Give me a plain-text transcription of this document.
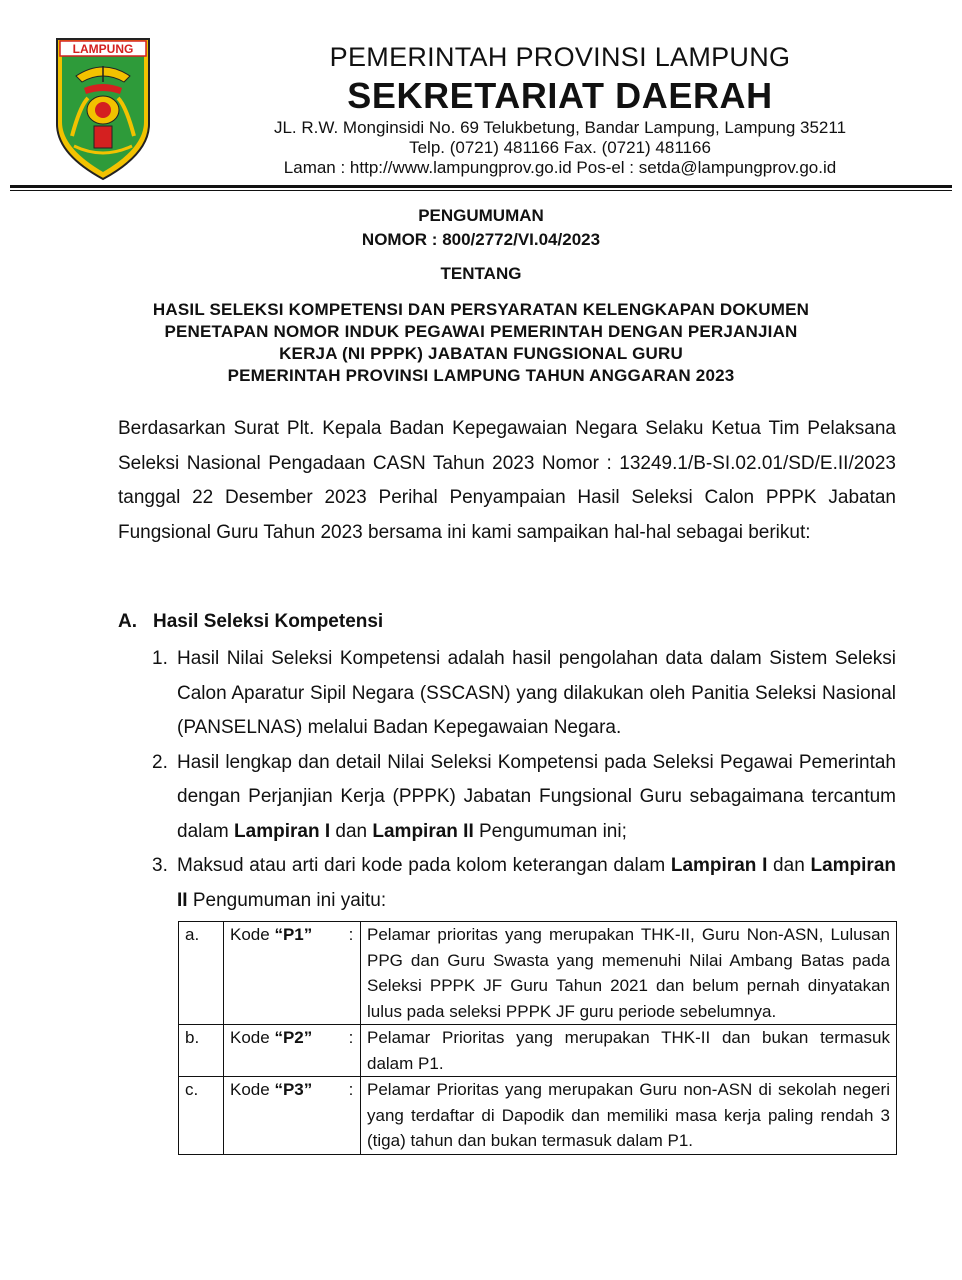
LAMPUNG	PEMERINTAH PROVINSI LAMPUNG
SEKRETARIAT DAERAH
JL. R.W. Monginsidi No. 69 Telukbetung, Bandar Lampung, Lampung 35211
Telp. (0721) 481166 Fax. (0721) 481166
Laman : http://www.lampungprov.go.id Pos-el : setda@lampungprov.go.id
PENGUMUMAN
NOMOR : 800/2772/VI.04/2023
TENTANG
HASIL SELEKSI KOMPETENSI DAN PERSYARATAN KELENGKAPAN DOKUMEN
PENETAPAN NOMOR INDUK PEGAWAI PEMERINTAH DENGAN PERJANJIAN
KERJA (NI PPPK) JABATAN FUNGSIONAL GURU
PEMERINTAH PROVINSI LAMPUNG TAHUN ANGGARAN 2023
Berdasarkan Surat Plt. Kepala Badan Kepegawaian Negara Selaku Ketua Tim Pelaksana Seleksi Nasional Pengadaan CASN Tahun 2023 Nomor : 13249.1/B-SI.02.01/SD/E.II/2023 tanggal 22 Desember 2023 Perihal Penyampaian Hasil Seleksi Calon PPPK Jabatan Fungsional Guru Tahun 2023 bersama ini kami sampaikan hal-hal sebagai berikut:
A. Hasil Seleksi Kompetensi
1. Hasil Nilai Seleksi Kompetensi adalah hasil pengolahan data dalam Sistem Seleksi Calon Aparatur Sipil Negara (SSCASN) yang dilakukan oleh Panitia Seleksi Nasional (PANSELNAS) melalui Badan Kepegawaian Negara.
2. Hasil lengkap dan detail Nilai Seleksi Kompetensi pada Seleksi Pegawai Pemerintah dengan Perjanjian Kerja (PPPK) Jabatan Fungsional Guru sebagaimana tercantum dalam Lampiran I dan Lampiran II Pengumuman ini;
3. Maksud atau arti dari kode pada kolom keterangan dalam Lampiran I dan Lampiran II Pengumuman ini yaitu:
a.	Kode “P1”	:	Pelamar prioritas yang merupakan THK-II, Guru Non-ASN, Lulusan PPG dan Guru Swasta yang memenuhi Nilai Ambang Batas pada Seleksi PPPK JF Guru Tahun 2021 dan belum pernah dinyatakan lulus pada seleksi PPPK JF guru periode sebelumnya.
b.	Kode “P2”	:	Pelamar Prioritas yang merupakan THK-II dan bukan termasuk dalam P1.
c.	Kode “P3”	:	Pelamar Prioritas yang merupakan Guru non-ASN di sekolah negeri yang terdaftar di Dapodik dan memiliki masa kerja paling rendah 3 (tiga) tahun dan bukan termasuk dalam P1.
